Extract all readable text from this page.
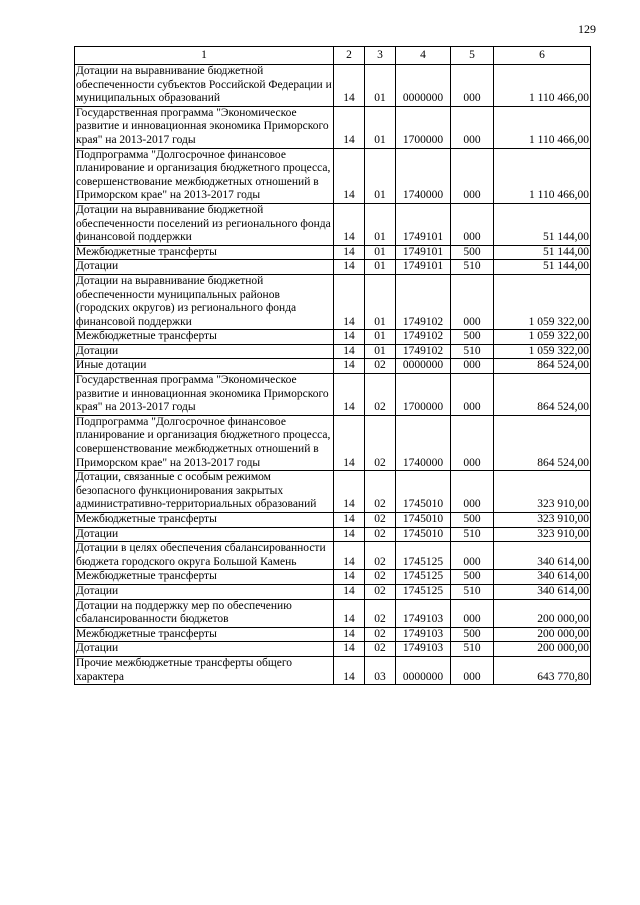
129
1	2	3	4	5	6
Дотации на выравнивание бюджетной обеспеченности субъектов Российской Федерации и муниципальных образований	14	01	0000000	000	1 110 466,00
Государственная программа "Экономическое развитие и инновационная экономика Приморского края" на 2013-2017 годы	14	01	1700000	000	1 110 466,00
Подпрограмма "Долгосрочное финансовое планирование и организация бюджетного процесса, совершенствование межбюджетных отношений в Приморском крае" на 2013-2017 годы	14	01	1740000	000	1 110 466,00
Дотации на выравнивание бюджетной обеспеченности поселений из регионального фонда финансовой поддержки	14	01	1749101	000	51 144,00
Межбюджетные трансферты	14	01	1749101	500	51 144,00
Дотации	14	01	1749101	510	51 144,00
Дотации на выравнивание бюджетной обеспеченности муниципальных районов (городских округов) из регионального фонда финансовой поддержки	14	01	1749102	000	1 059 322,00
Межбюджетные трансферты	14	01	1749102	500	1 059 322,00
Дотации	14	01	1749102	510	1 059 322,00
Иные дотации	14	02	0000000	000	864 524,00
Государственная программа "Экономическое развитие и инновационная экономика Приморского края" на 2013-2017 годы	14	02	1700000	000	864 524,00
Подпрограмма "Долгосрочное финансовое планирование и организация бюджетного процесса, совершенствование межбюджетных отношений в Приморском крае" на 2013-2017 годы	14	02	1740000	000	864 524,00
Дотации, связанные с особым режимом безопасного функционирования закрытых административно-территориальных образований	14	02	1745010	000	323 910,00
Межбюджетные трансферты	14	02	1745010	500	323 910,00
Дотации	14	02	1745010	510	323 910,00
Дотации в целях обеспечения сбалансированности бюджета городского округа Большой Камень	14	02	1745125	000	340 614,00
Межбюджетные трансферты	14	02	1745125	500	340 614,00
Дотации	14	02	1745125	510	340 614,00
Дотации на поддержку мер по обеспечению сбалансированности бюджетов	14	02	1749103	000	200 000,00
Межбюджетные трансферты	14	02	1749103	500	200 000,00
Дотации	14	02	1749103	510	200 000,00
Прочие межбюджетные трансферты общего характера	14	03	0000000	000	643 770,80
